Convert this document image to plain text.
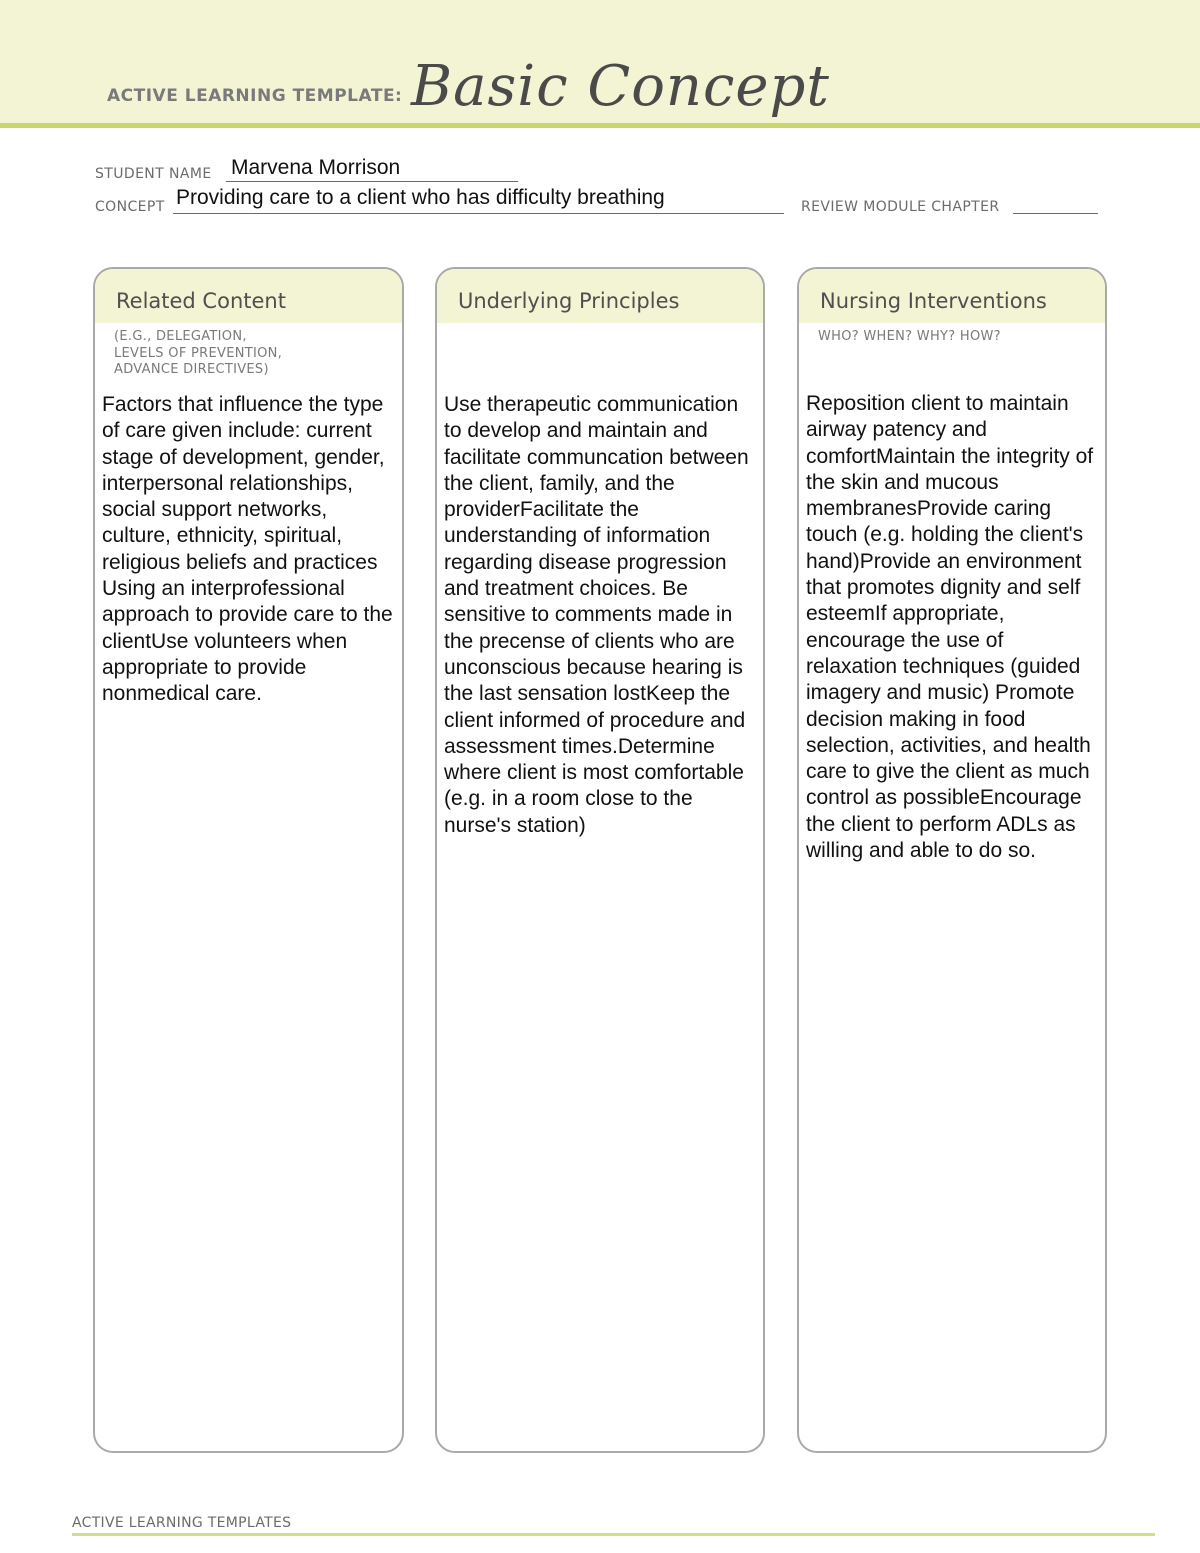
ACTIVE LEARNING TEMPLATE: Basic Concept
STUDENT NAME Marvena Morrison
CONCEPT Providing care to a client who has difficulty breathing	REVIEW MODULE CHAPTER
Related Content
(E.G., DELEGATION,
LEVELS OF PREVENTION,
ADVANCE DIRECTIVES)
Factors that influence the type of care given include: current stage of development, gender, interpersonal relationships, social support networks, culture, ethnicity, spiritual, religious beliefs and practices Using an interprofessional approach to provide care to the clientUse volunteers when appropriate to provide nonmedical care.
Underlying Principles
Use therapeutic communication to develop and maintain and facilitate communcation between the client, family, and the providerFacilitate the understanding of information regarding disease progression and treatment choices. Be sensitive to comments made in the precense of clients who are unconscious because hearing is the last sensation lostKeep the client informed of procedure and assessment times.Determine where client is most comfortable (e.g. in a room close to the nurse's station)
Nursing Interventions
WHO? WHEN? WHY? HOW?
Reposition client to maintain airway patency and comfortMaintain the integrity of the skin and mucous membranesProvide caring touch (e.g. holding the client's hand)Provide an environment that promotes dignity and self esteemIf appropriate, encourage the use of relaxation techniques (guided imagery and music) Promote decision making in food selection, activities, and health care to give the client as much control as possibleEncourage the client to perform ADLs as willing and able to do so.
ACTIVE LEARNING TEMPLATES
